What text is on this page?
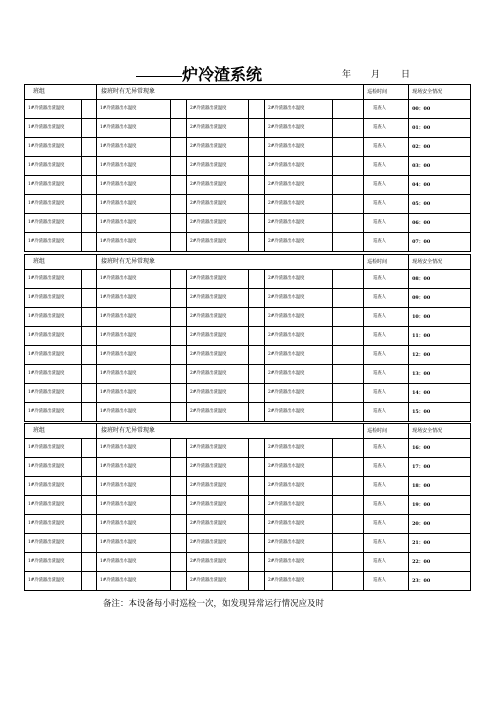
炉冷渣系统	年 月 日
班组		接班时有无异常现象						巡检时间	现场安全情况
1#冷渣器出渣温度		1#冷渣器出水温度		2#冷渣器出渣温度		2#冷渣器出水温度		巡查人	00：00
1#冷渣器出渣温度		1#冷渣器出水温度		2#冷渣器出渣温度		2#冷渣器出水温度		巡查人	01：00
1#冷渣器出渣温度		1#冷渣器出水温度		2#冷渣器出渣温度		2#冷渣器出水温度		巡查人	02：00
1#冷渣器出渣温度		1#冷渣器出水温度		2#冷渣器出渣温度		2#冷渣器出水温度		巡查人	03：00
1#冷渣器出渣温度		1#冷渣器出水温度		2#冷渣器出渣温度		2#冷渣器出水温度		巡查人	04：00
1#冷渣器出渣温度		1#冷渣器出水温度		2#冷渣器出渣温度		2#冷渣器出水温度		巡查人	05：00
1#冷渣器出渣温度		1#冷渣器出水温度		2#冷渣器出渣温度		2#冷渣器出水温度		巡查人	06：00
1#冷渣器出渣温度		1#冷渣器出水温度		2#冷渣器出渣温度		2#冷渣器出水温度		巡查人	07：00
班组		接班时有无异常现象						巡检时间	现场安全情况
1#冷渣器出渣温度		1#冷渣器出水温度		2#冷渣器出渣温度		2#冷渣器出水温度		巡查人	08：00
1#冷渣器出渣温度		1#冷渣器出水温度		2#冷渣器出渣温度		2#冷渣器出水温度		巡查人	09：00
1#冷渣器出渣温度		1#冷渣器出水温度		2#冷渣器出渣温度		2#冷渣器出水温度		巡查人	10：00
1#冷渣器出渣温度		1#冷渣器出水温度		2#冷渣器出渣温度		2#冷渣器出水温度		巡查人	11：00
1#冷渣器出渣温度		1#冷渣器出水温度		2#冷渣器出渣温度		2#冷渣器出水温度		巡查人	12：00
1#冷渣器出渣温度		1#冷渣器出水温度		2#冷渣器出渣温度		2#冷渣器出水温度		巡查人	13：00
1#冷渣器出渣温度		1#冷渣器出水温度		2#冷渣器出渣温度		2#冷渣器出水温度		巡查人	14：00
1#冷渣器出渣温度		1#冷渣器出水温度		2#冷渣器出渣温度		2#冷渣器出水温度		巡查人	15：00
班组		接班时有无异常现象						巡检时间	现场安全情况
1#冷渣器出渣温度		1#冷渣器出水温度		2#冷渣器出渣温度		2#冷渣器出水温度		巡查人	16：00
1#冷渣器出渣温度		1#冷渣器出水温度		2#冷渣器出渣温度		2#冷渣器出水温度		巡查人	17：00
1#冷渣器出渣温度		1#冷渣器出水温度		2#冷渣器出渣温度		2#冷渣器出水温度		巡查人	18：00
1#冷渣器出渣温度		1#冷渣器出水温度		2#冷渣器出渣温度		2#冷渣器出水温度		巡查人	19：00
1#冷渣器出渣温度		1#冷渣器出水温度		2#冷渣器出渣温度		2#冷渣器出水温度		巡查人	20：00
1#冷渣器出渣温度		1#冷渣器出水温度		2#冷渣器出渣温度		2#冷渣器出水温度		巡查人	21：00
1#冷渣器出渣温度		1#冷渣器出水温度		2#冷渣器出渣温度		2#冷渣器出水温度		巡查人	22：00
1#冷渣器出渣温度		1#冷渣器出水温度		2#冷渣器出渣温度		2#冷渣器出水温度		巡查人	23：00
备注：本设备每小时巡检一次，如发现异常运行情况应及时
